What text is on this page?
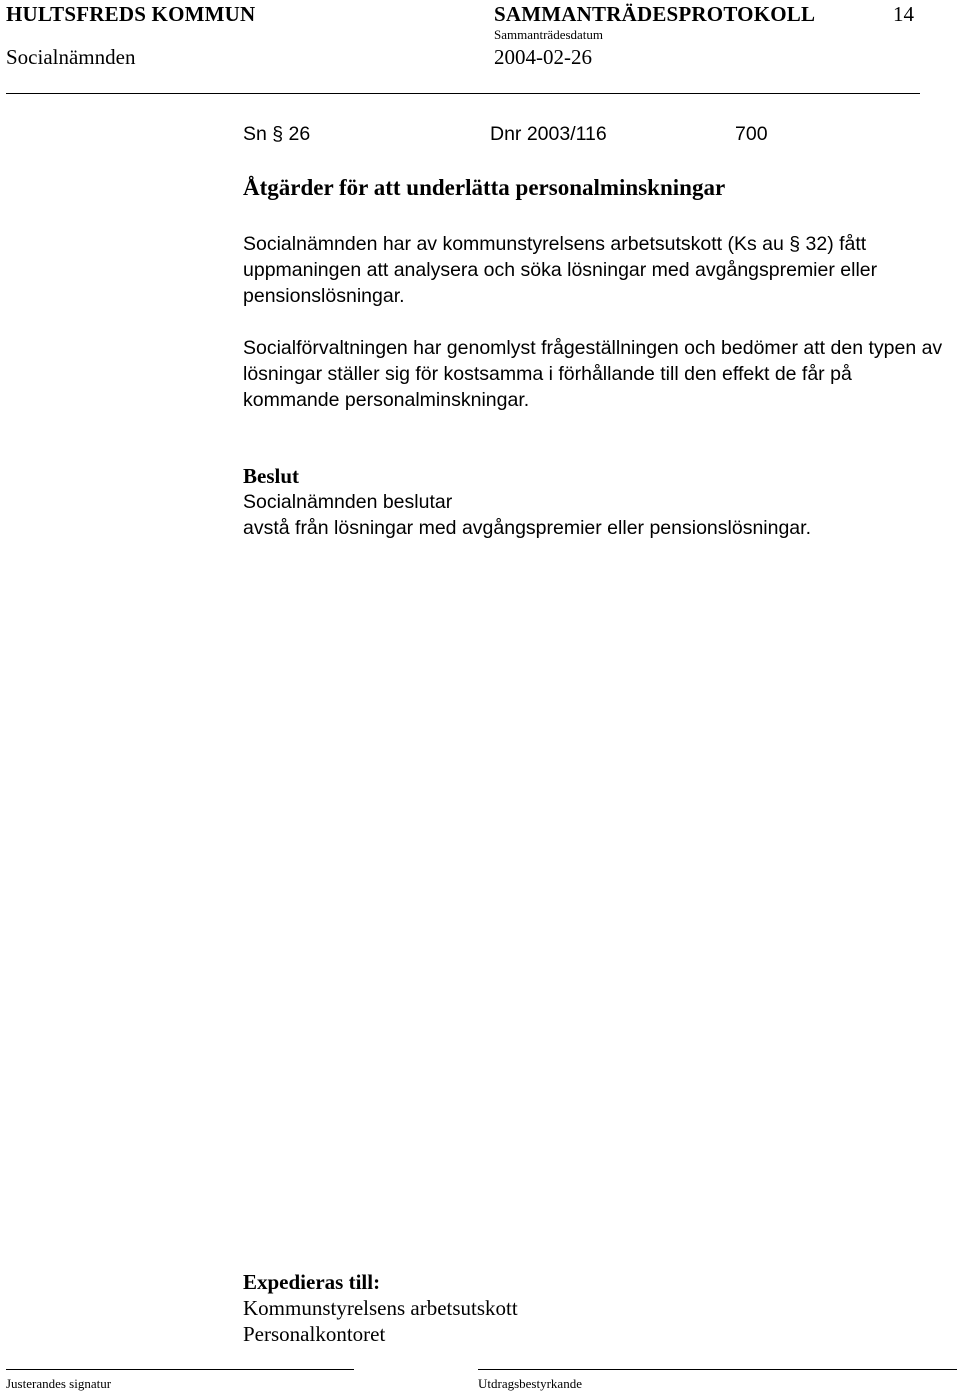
HULTSFREDS KOMMUN	SAMMANTRÄDESPROTOKOLL	14
Socialnämnden
Sammanträdesdatum
2004-02-26
Sn § 26	Dnr 2003/116	700
Åtgärder för att underlätta personalminskningar
Socialnämnden har av kommunstyrelsens arbetsutskott (Ks au § 32) fått uppmaningen att analysera och söka lösningar med avgångspremier eller pensionslösningar.
Socialförvaltningen har genomlyst frågeställningen och bedömer att den typen av lösningar ställer sig för kostsamma i förhållande till den effekt de får på kommande personalminskningar.
Beslut
Socialnämnden beslutar
avstå från lösningar med avgångspremier eller pensionslösningar.
Expedieras till:
Kommunstyrelsens arbetsutskott
Personalkontoret
Justerandes signatur	Utdragsbestyrkande
